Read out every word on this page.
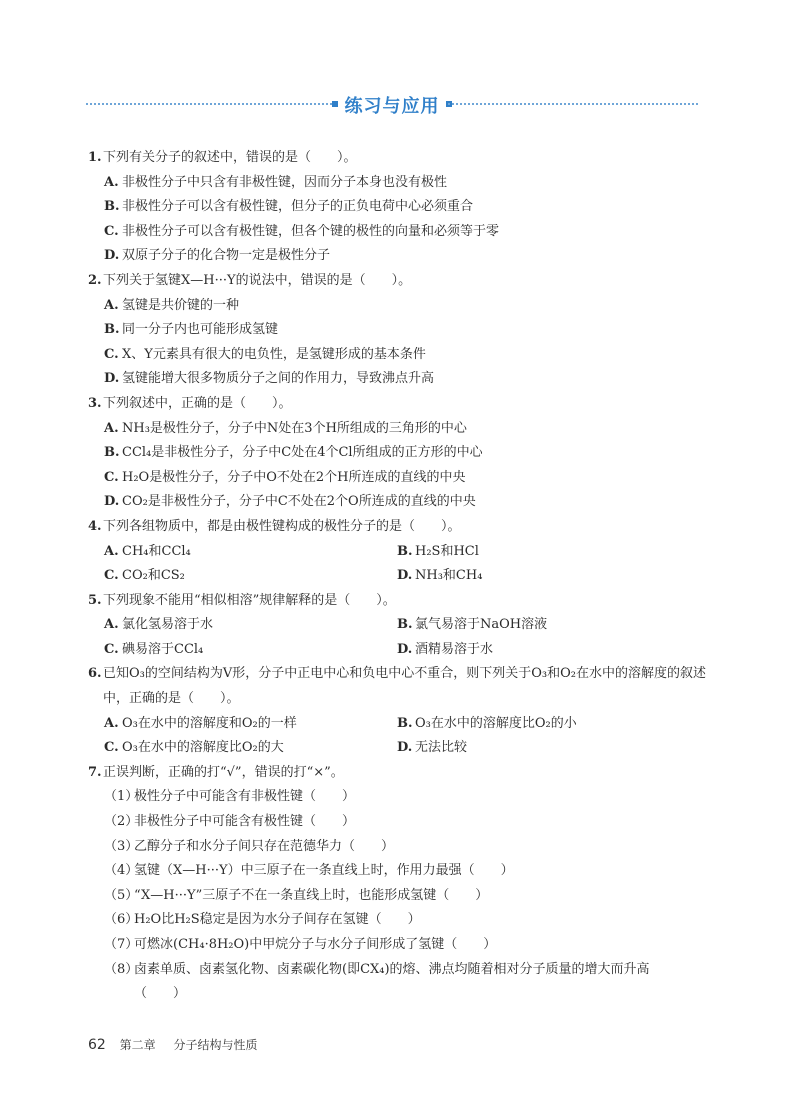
练习与应用
1. 下列有关分子的叙述中，错误的是（　　）。
A. 非极性分子中只含有非极性键，因而分子本身也没有极性
B. 非极性分子可以含有极性键，但分子的正负电荷中心必须重合
C. 非极性分子可以含有极性键，但各个键的极性的向量和必须等于零
D. 双原子分子的化合物一定是极性分子
2. 下列关于氢键X—H···Y的说法中，错误的是（　　）。
A. 氢键是共价键的一种
B. 同一分子内也可能形成氢键
C. X、Y元素具有很大的电负性，是氢键形成的基本条件
D. 氢键能增大很多物质分子之间的作用力，导致沸点升高
3. 下列叙述中，正确的是（　　）。
A. NH₃是极性分子，分子中N处在3个H所组成的三角形的中心
B. CCl₄是非极性分子，分子中C处在4个Cl所组成的正方形的中心
C. H₂O是极性分子，分子中O不处在2个H所连成的直线的中央
D. CO₂是非极性分子，分子中C不处在2个O所连成的直线的中央
4. 下列各组物质中，都是由极性键构成的极性分子的是（　　）。
A. CH₄和CCl₄	B. H₂S和HCl
C. CO₂和CS₂	D. NH₃和CH₄
5. 下列现象不能用“相似相溶”规律解释的是（　　）。
A. 氯化氢易溶于水	B. 氯气易溶于NaOH溶液
C. 碘易溶于CCl₄	D. 酒精易溶于水
6. 已知O₃的空间结构为V形，分子中正电中心和负电中心不重合，则下列关于O₃和O₂在水中的溶解度的叙述中，正确的是（　　）。
A. O₃在水中的溶解度和O₂的一样	B. O₃在水中的溶解度比O₂的小
C. O₃在水中的溶解度比O₂的大	D. 无法比较
7. 正误判断，正确的打“√”，错误的打“×”。
（1）
极性分子中可能含有非极性键（　　）
（2）
非极性分子中可能含有极性键（　　）
（3）
乙醇分子和水分子间只存在范德华力（　　）
（4）
氢键（X—H···Y）中三原子在一条直线上时，作用力最强（　　）
（5）
“X—H···Y”三原子不在一条直线上时，也能形成氢键（　　）
（6）
H₂O比H₂S稳定是因为水分子间存在氢键（　　）
（7）
可燃冰(CH₄·8H₂O)中甲烷分子与水分子间形成了氢键（　　）
（8）
卤素单质、卤素氢化物、卤素碳化物(即CX₄)的熔、沸点均随着相对分子质量的增大而升高
（　　）
62 第二章 分子结构与性质
